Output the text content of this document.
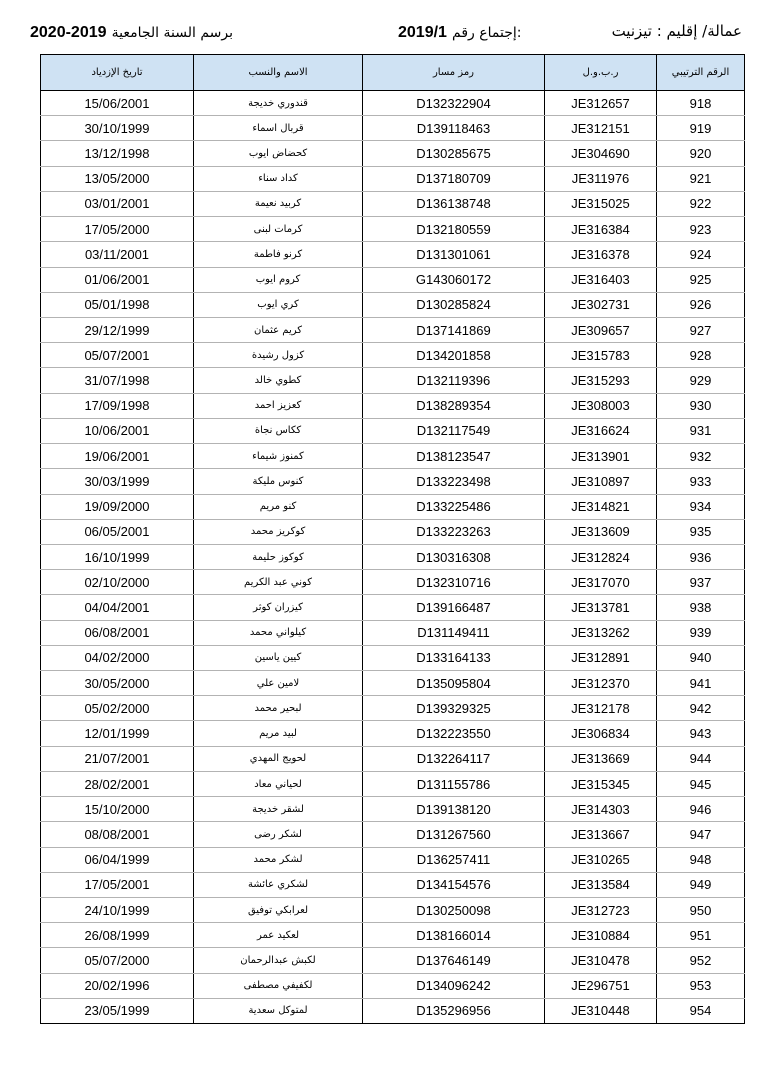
2020-2019 برسم السنة الجامعية	2019/1 إجتماع رقم:	عمالة/ إقليم : تيزنيت
تاريخ الإزدياد	الاسم والنسب	رمز مسار	ر.ب.و.ل	الرقم الترتيبي
15/06/2001	قندوري خديجة	D132322904	JE312657	918
30/10/1999	قربال اسماء	D139118463	JE312151	919
13/12/1998	كحضاض ايوب	D130285675	JE304690	920
13/05/2000	كداد سناء	D137180709	JE311976	921
03/01/2001	كربيد نعيمة	D136138748	JE315025	922
17/05/2000	كرمات لبنى	D132180559	JE316384	923
03/11/2001	كرنو فاطمة	D131301061	JE316378	924
01/06/2001	كروم ايوب	G143060172	JE316403	925
05/01/1998	كري ايوب	D130285824	JE302731	926
29/12/1999	كريم عثمان	D137141869	JE309657	927
05/07/2001	كزول رشيدة	D134201858	JE315783	928
31/07/1998	كطوي خالد	D132119396	JE315293	929
17/09/1998	كعزيز احمد	D138289354	JE308003	930
10/06/2001	ككاس نجاة	D132117549	JE316624	931
19/06/2001	كمنوز شيماء	D138123547	JE313901	932
30/03/1999	كنوس مليكة	D133223498	JE310897	933
19/09/2000	كنو مريم	D133225486	JE314821	934
06/05/2001	كوكريز محمد	D133223263	JE313609	935
16/10/1999	كوكوز حليمة	D130316308	JE312824	936
02/10/2000	كوني عبد الكريم	D132310716	JE317070	937
04/04/2001	كيزران كوثر	D139166487	JE313781	938
06/08/2001	كيلواني محمد	D131149411	JE313262	939
04/02/2000	كيين ياسين	D133164133	JE312891	940
30/05/2000	لامين علي	D135095804	JE312370	941
05/02/2000	لبحير محمد	D139329325	JE312178	942
12/01/1999	لبيد مريم	D132223550	JE306834	943
21/07/2001	لحويج المهدي	D132264117	JE313669	944
28/02/2001	لحياني معاد	D131155786	JE315345	945
15/10/2000	لشقر خديجة	D139138120	JE314303	946
08/08/2001	لشكر رضى	D131267560	JE313667	947
06/04/1999	لشكر محمد	D136257411	JE310265	948
17/05/2001	لشكري عائشة	D134154576	JE313584	949
24/10/1999	لعرابكي توفيق	D130250098	JE312723	950
26/08/1999	لعكيد عمر	D138166014	JE310884	951
05/07/2000	لكبش عبدالرحمان	D137646149	JE310478	952
20/02/1996	لكفيفي مصطفى	D134096242	JE296751	953
23/05/1999	لمتوكل سعدية	D135296956	JE310448	954
